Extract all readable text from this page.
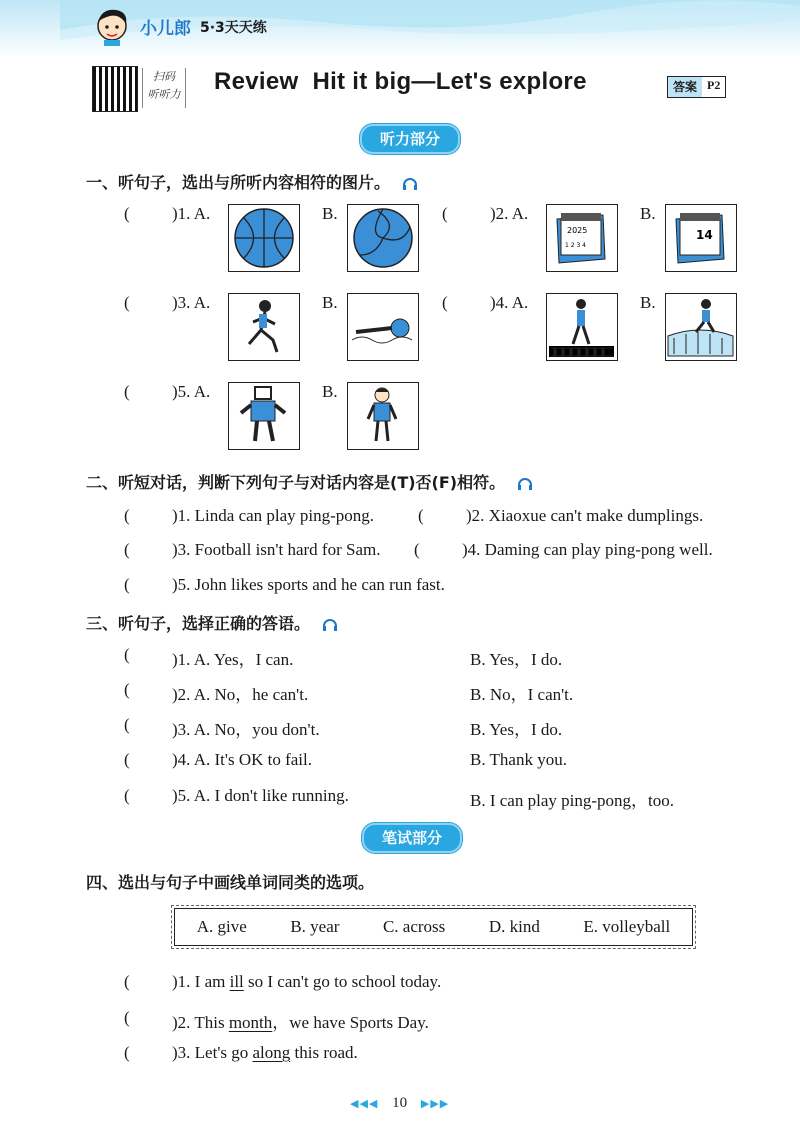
小儿郎 5·3天天练
扫码
听听力 Review  Hit it big—Let's explore	答案 P2
听力部分
一、听句子，选出与所听内容相符的图片。
( )1. A.	B.	( )2. A.
2025
1 2 3 4
B.
14
( )3. A.	B.	( )4. A.	B.
( )5. A.	B.
二、听短对话，判断下列句子与对话内容是(T)否(F)相符。
( )1. Linda can play ping-pong.	( )2. Xiaoxue can't make dumplings.
( )3. Football isn't hard for Sam. ( )4. Daming can play ping-pong well.
( )5. John likes sports and he can run fast.
三、听句子，选择正确的答语。
( )1. A. Yes，I can.	B. Yes，I do.
( )2. A. No，he can't.	B. No，I can't.
( )3. A. No，you don't.	B. Yes，I do.
( )4. A. It's OK to fail.	B. Thank you.
( )5. A. I don't like running.	B. I can play ping-pong，too.
笔试部分
四、选出与句子中画线单词同类的选项。
A. give	B. year	C. across	D. kind	E. volleyball
( )1. I am ill so I can't go to school today.
( )2. This month，we have Sports Day.
( )3. Let's go along this road.
◀◀◀ 10 ▶▶▶
